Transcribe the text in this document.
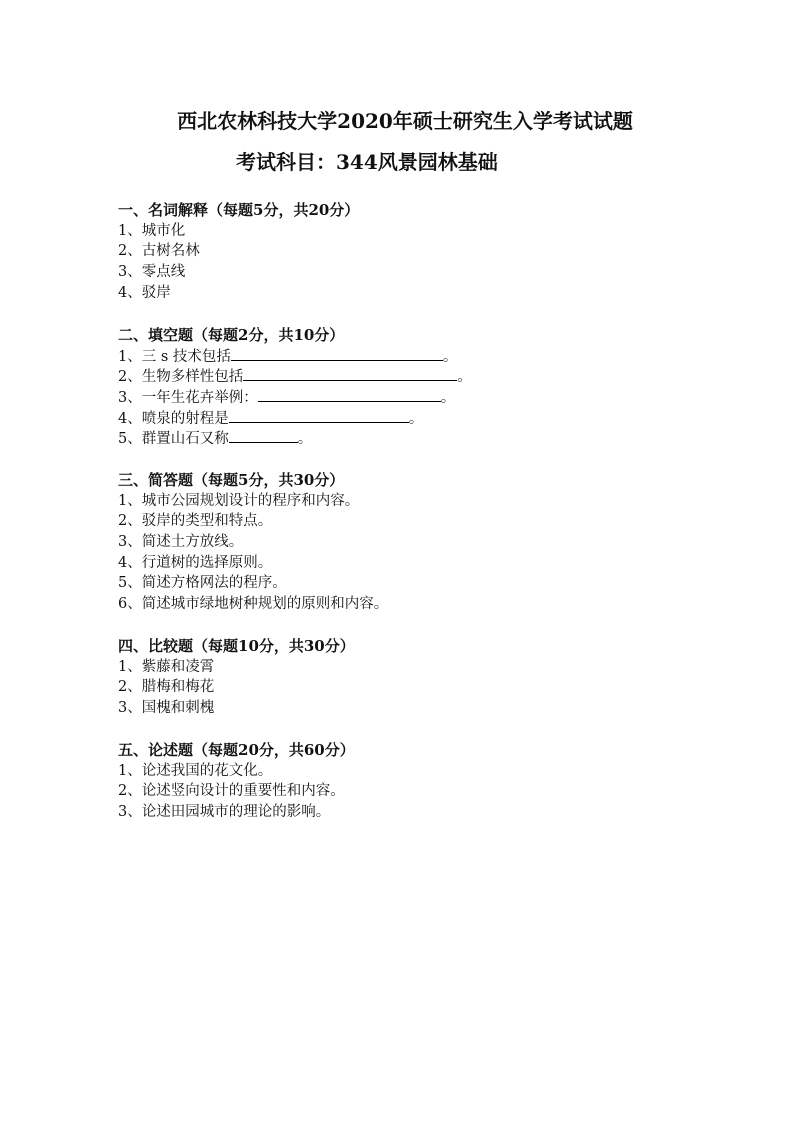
西北农林科技大学2020年硕士研究生入学考试试题
考试科目：344风景园林基础
一、名词解释（每题5分，共20分）
1、城市化
2、古树名林
3、零点线
4、驳岸
二、填空题（每题2分，共10分）
1、三 s 技术包括	。
2、生物多样性包括	。
3、一年生花卉举例：	。
4、喷泉的射程是	。
5、群置山石又称	。
三、简答题（每题5分，共30分）
1、城市公园规划设计的程序和内容。
2、驳岸的类型和特点。
3、简述土方放线。
4、行道树的选择原则。
5、简述方格网法的程序。
6、简述城市绿地树种规划的原则和内容。
四、比较题（每题10分，共30分）
1、紫藤和凌霄
2、腊梅和梅花
3、国槐和刺槐
五、论述题（每题20分，共60分）
1、论述我国的花文化。
2、论述竖向设计的重要性和内容。
3、论述田园城市的理论的影响。
